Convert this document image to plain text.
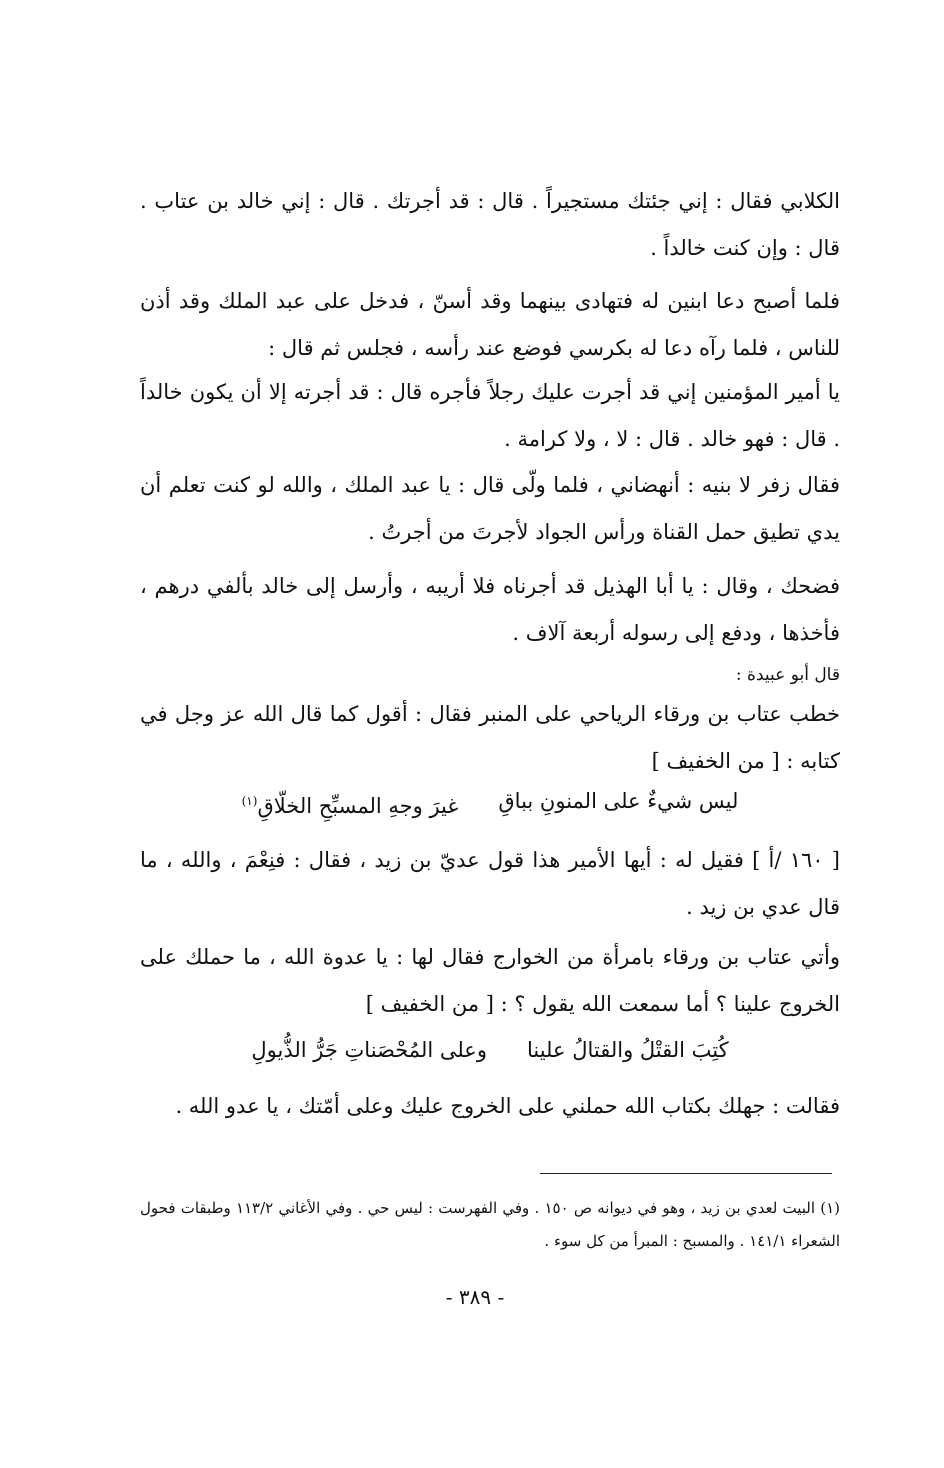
الكلابي فقال : إني جئتك مستجيراً . قال : قد أجرتك . قال : إني خالد بن عتاب . قال : وإن كنت خالداً .

فلما أصبح دعا ابنين له فتهادى بينهما وقد أسنّ ، فدخل على عبد الملك وقد أذن للناس ، فلما رآه دعا له بكرسي فوضع عند رأسه ، فجلس ثم قال :

يا أمير المؤمنين إني قد أجرت عليك رجلاً فأجره قال : قد أجرته إلا أن يكون خالداً . قال : فهو خالد . قال : لا ، ولا كرامة .

فقال زفر لا بنيه : أنهضاني ، فلما ولّى قال : يا عبد الملك ، والله لو كنت تعلم أن يدي تطيق حمل القناة ورأس الجواد لأجرتَ من أجرتُ .

فضحك ، وقال : يا أبا الهذيل قد أجرناه فلا أريبه ، وأرسل إلى خالد بألفي درهم ، فأخذها ، ودفع إلى رسوله أربعة آلاف .

قال أبو عبيدة :

خطب عتاب بن ورقاء الرياحي على المنبر فقال : أقول كما قال الله عز وجل في كتابه : [ من الخفيف ]

ليس شيءٌ على المنونِ بباقِ
غيرَ وجهِ المسبِّحِ الخلّاقِ$^{(١)}$

[ ١٦٠ /أ ] فقيل له : أيها الأمير هذا قول عديّ بن زيد ، فقال : فنِعْمَ ، والله ، ما قال عدي بن زيد .

وأتي عتاب بن ورقاء بامرأة من الخوارج فقال لها : يا عدوة الله ، ما حملك على الخروج علينا ؟ أما سمعت الله يقول ؟ : [ من الخفيف ]

كُتِبَ القتْلُ والقتالُ علينا
وعلى المُحْصَناتِ جَرُّ الذُّيولِ

فقالت : جهلك بكتاب الله حملني على الخروج عليك وعلى أمّتك ، يا عدو الله .

(١) البيت لعدي بن زيد ، وهو في ديوانه ص ١٥٠ . وفي الفهرست : ليس حي . وفي الأغاني ١١٣/٢ وطبقات فحول الشعراء ١٤١/١ . والمسبح : المبرأ من كل سوء .

- ٣٨٩ -
